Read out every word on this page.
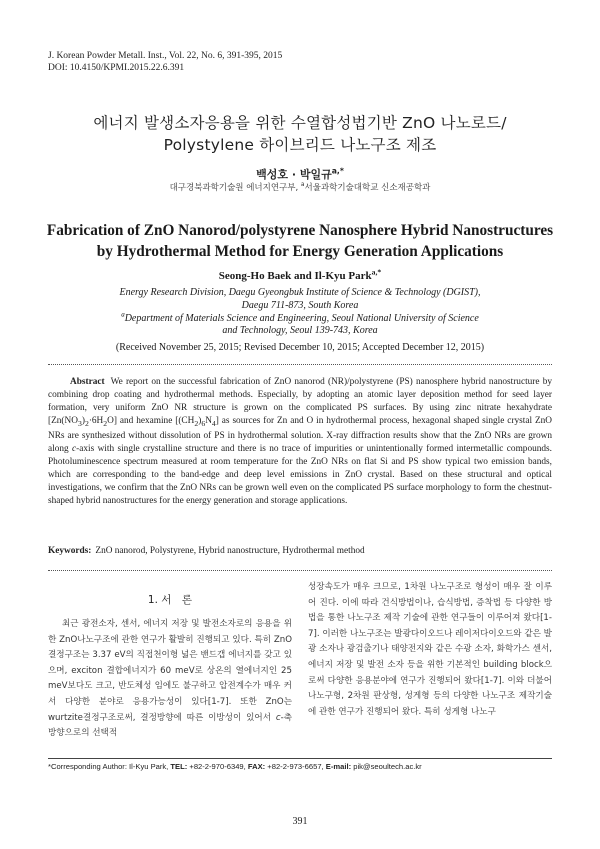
J. Korean Powder Metall. Inst., Vol. 22, No. 6, 391-395, 2015
DOI: 10.4150/KPMI.2015.22.6.391
에너지 발생소자응용을 위한 수열합성법기반 ZnO 나노로드/
Polystylene 하이브리드 나노구조 제조
백성호 · 박일규$^{a,*}$
대구경북과학기술원 에너지연구부, $^a$서울과학기술대학교 신소재공학과
Fabrication of ZnO Nanorod/polystyrene Nanosphere Hybrid Nanostructures
by Hydrothermal Method for Energy Generation Applications
Seong-Ho Baek and Il-Kyu Park$^{a,*}$
Energy Research Division, Daegu Gyeongbuk Institute of Science & Technology (DGIST),
Daegu 711-873, South Korea
$^a$Department of Materials Science and Engineering, Seoul National University of Science
and Technology, Seoul 139-743, Korea
(Received November 25, 2015; Revised December 10, 2015; Accepted December 12, 2015)
Abstract We report on the successful fabrication of ZnO nanorod (NR)/polystyrene (PS) nanosphere hybrid nanostructure by combining drop coating and hydrothermal methods. Especially, by adopting an atomic layer deposition method for seed layer formation, very uniform ZnO NR structure is grown on the complicated PS surfaces. By using zinc nitrate hexahydrate $[Zn(NO_3)_2\cdot 6H_2O]$ and hexamine $[(CH_2)_6N_4]$ as sources for Zn and O in hydrothermal process, hexagonal shaped single crystal ZnO NRs are synthesized without dissolution of PS in hydrothermal solution. X-ray diffraction results show that the ZnO NRs are grown along c-axis with single crystalline structure and there is no trace of impurities or unintentionally formed intermetallic compounds. Photoluminescence spectrum measured at room temperature for the ZnO NRs on flat Si and PS show typical two emission bands, which are corresponding to the band-edge and deep level emissions in ZnO crystal. Based on these structural and optical investigations, we confirm that the ZnO NRs can be grown well even on the complicated PS surface morphology to form the chestnut-shaped hybrid nanostructures for the energy generation and storage applications.
Keywords: ZnO nanorod, Polystyrene, Hybrid nanostructure, Hydrothermal method
1. 서　론
최근 광전소자, 센서, 에너지 저장 및 발전소자로의 응용을 위한 ZnO나노구조에 관한 연구가 활발히 진행되고 있다. 특히 ZnO결정구조는 3.37 eV의 직접천이형 넓은 밴드갭 에너지를 갖고 있으며, exciton 결합에너지가 60 meV로 상온의 열에너지인 25 meV보다도 크고, 반도체성 임에도 불구하고 압전계수가 매우 커서 다양한 분야로 응용가능성이 있다[1-7]. 또한 ZnO는 wurtzite결정구조로써, 결정방향에 따른 이방성이 있어서 c-축 방향으로의 선택적
성장속도가 매우 크므로, 1차원 나노구조로 형성이 매우 잘 이루어 진다. 이에 따라 건식방법이나, 습식방법, 증착법 등 다양한 방법을 통한 나노구조 제작 기술에 관한 연구들이 이루어져 왔다[1-7]. 이러한 나노구조는 발광다이오드나 레이저다이오드와 같은 발광 소자나 광검출기나 태양전지와 같은 수광 소자, 화학가스 센서, 에너지 저장 및 발전 소자 등을 위한 기본적인 building block으로써 다양한 응용분야에 연구가 진행되어 왔다[1-7]. 이와 더불어 나노구형, 2차원 판상형, 성게형 등의 다양한 나노구조 제작기술에 관한 연구가 진행되어 왔다. 특히 성게형 나노구
*Corresponding Author: Il-Kyu Park, TEL: +82-2-970-6349, FAX: +82-2-973-6657, E-mail: pik@seoultech.ac.kr
391
